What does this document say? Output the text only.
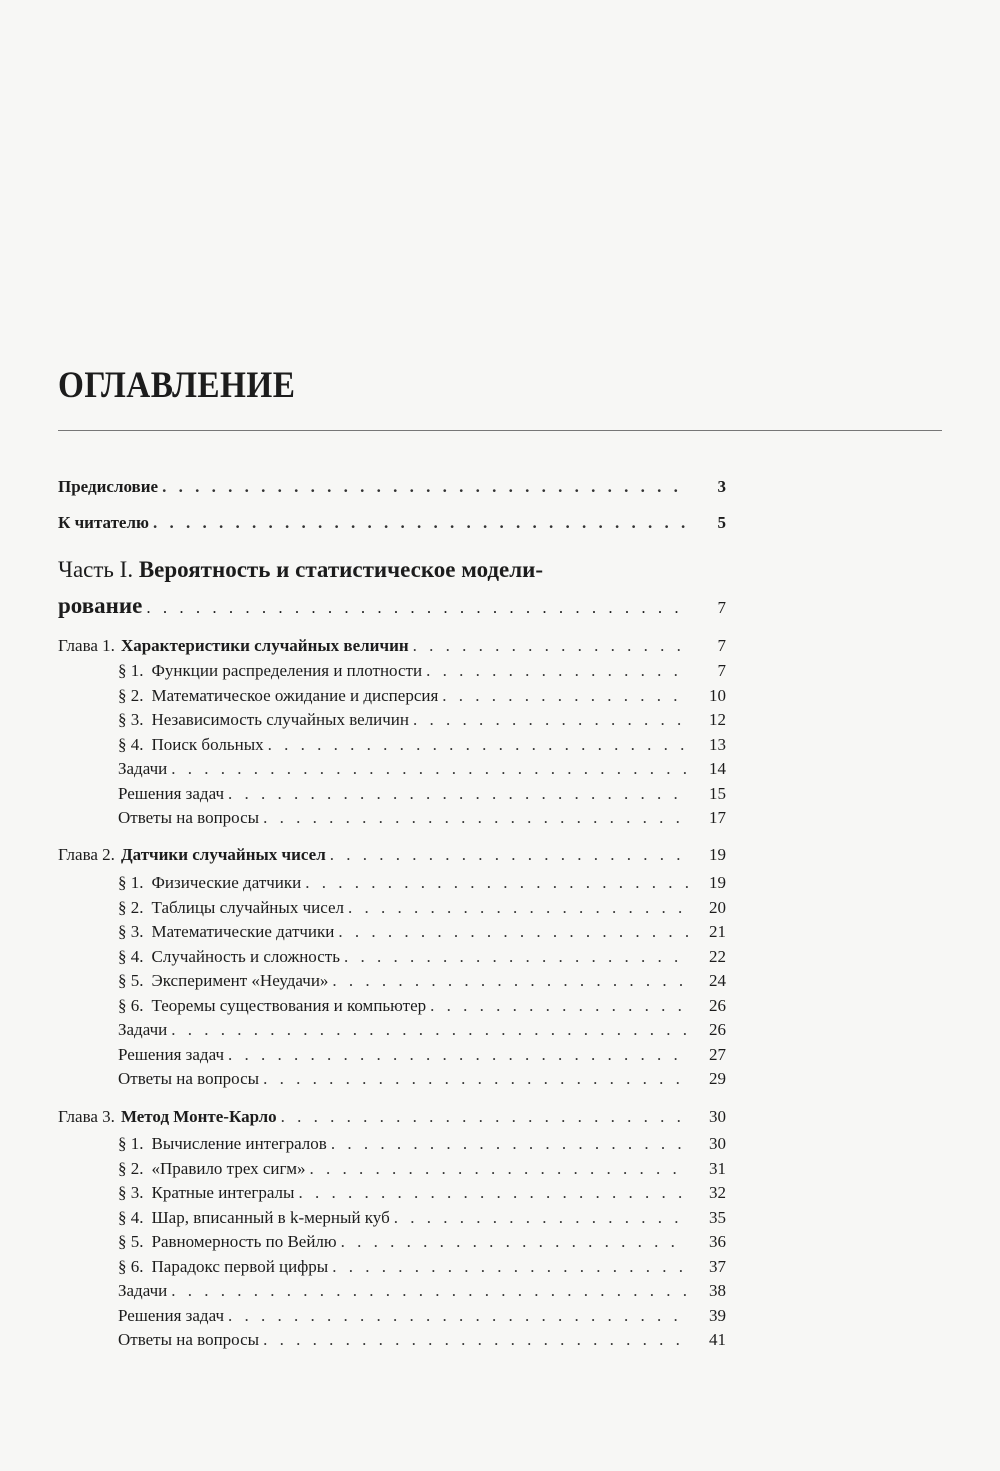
ОГЛАВЛЕНИЕ
Предисловие . . .	3
К читателю . . .	5
Часть I. Вероятность и статистическое модели-
рование . . .	7
Глава 1. Характеристики случайных величин . . .	7
§ 1. Функции распределения и плотности . . .	7
§ 2. Математическое ожидание и дисперсия . . .	10
§ 3. Независимость случайных величин . . .	12
§ 4. Поиск больных . . .	13
Задачи . . .	14
Решения задач . . .	15
Ответы на вопросы . . .	17
Глава 2. Датчики случайных чисел . . .	19
§ 1. Физические датчики . . .	19
§ 2. Таблицы случайных чисел . . .	20
§ 3. Математические датчики . . .	21
§ 4. Случайность и сложность . . .	22
§ 5. Эксперимент «Неудачи» . . .	24
§ 6. Теоремы существования и компьютер . . .	26
Задачи . . .	26
Решения задач . . .	27
Ответы на вопросы . . .	29
Глава 3. Метод Монте-Карло . . .	30
§ 1. Вычисление интегралов . . .	30
§ 2. «Правило трех сигм» . . .	31
§ 3. Кратные интегралы . . .	32
§ 4. Шар, вписанный в k-мерный куб . . .	35
§ 5. Равномерность по Вейлю . . .	36
§ 6. Парадокс первой цифры . . .	37
Задачи . . .	38
Решения задач . . .	39
Ответы на вопросы . . .	41
